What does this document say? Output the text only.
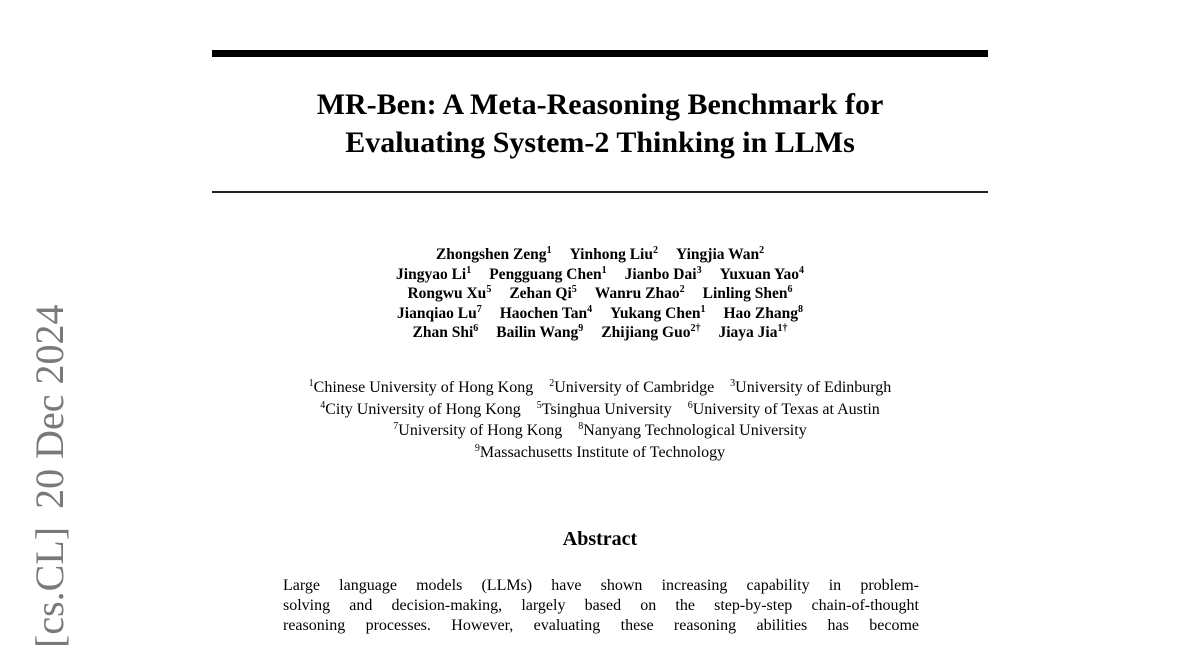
[cs.CL]20 Dec 2024
MR-Ben: A Meta-Reasoning Benchmark for
Evaluating System-2 Thinking in LLMs
Zhongshen Zeng$^1$ Yinhong Liu$^2$ Yingjia Wan$^2$
Jingyao Li$^1$ Pengguang Chen$^1$ Jianbo Dai$^3$ Yuxuan Yao$^4$
Rongwu Xu$^5$ Zehan Qi$^5$ Wanru Zhao$^2$ Linling Shen$^6$
Jianqiao Lu$^7$ Haochen Tan$^4$ Yukang Chen$^1$ Hao Zhang$^8$
Zhan Shi$^6$ Bailin Wang$^9$ Zhijiang Guo$^{2\dagger}$ Jiaya Jia$^{1\dagger}$
$^1$Chinese University of Hong Kong $^2$University of Cambridge $^3$University of Edinburgh
$^4$City University of Hong Kong $^5$Tsinghua University $^6$University of Texas at Austin
$^7$University of Hong Kong $^8$Nanyang Technological University
$^9$Massachusetts Institute of Technology
Abstract
Large language models (LLMs) have shown increasing capability in problem-
solving and decision-making, largely based on the step-by-step chain-of-thought
reasoning processes. However, evaluating these reasoning abilities has become
